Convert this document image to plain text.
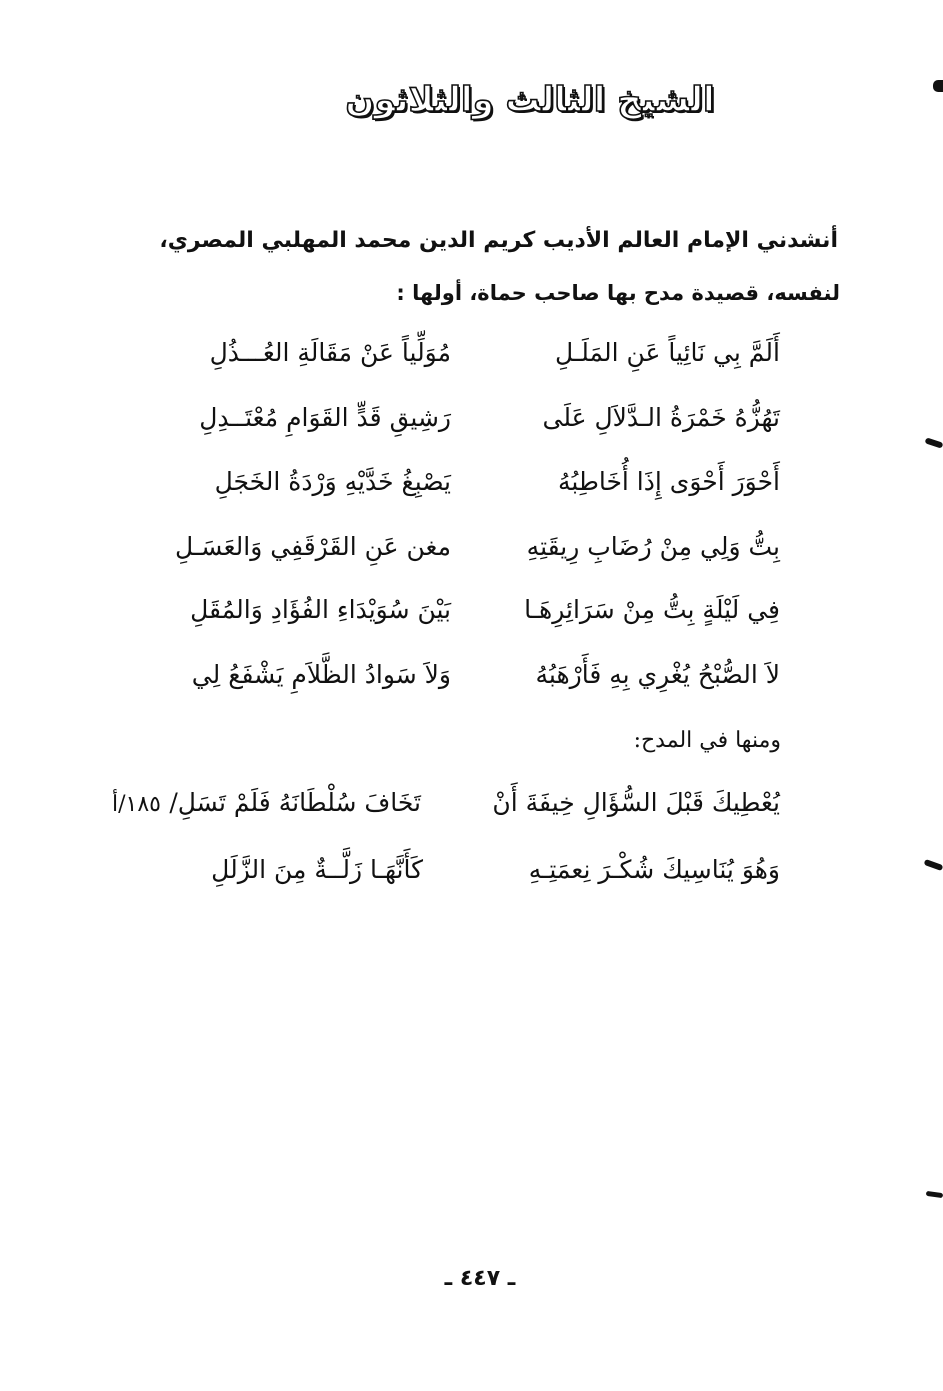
الشيخ الثالث والثلاثون
أنشدني الإمام العالم الأديب كريم الدين محمد المهلبي المصري،
لنفسه، قصيدة مدح بها صاحب حماة، أولها :
أَلَمَّ بِي نَائِياً عَنِ المَلَـلِ
مُوَلِّياً عَنْ مَقَالَةِ العُـــذُلِ
تَهُزُّهُ خَمْرَةُ الـدَّلاَلِ عَلَى
رَشِيقِ قَدٍّ القَوَامِ مُعْتَــدِلِ
أَحْوَرَ أَحْوَى إِذَا أُخَاطِبُهُ
يَصْبِغُ خَدَّيْهِ وَرْدَةُ الخَجَلِ
بِتُّ وَلِي مِنْ رُضَابِ رِيقَتِهِ
مغن عَنِ القَرْقَفِي وَالعَسَـلِ
فِي لَيْلَةٍ بِتُّ مِنْ سَرَائِرِهَـا
بَيْنَ سُوَيْدَاءِ الفُؤَادِ وَالمُقَلِ
لاَ الصُّبْحُ يُغْرِي بِهِ فَأَرْهَبُهُ
وَلاَ سَوادُ الظَّلاَمِ يَشْفَعُ لِي
ومنها في المدح:
يُعْطِيكَ قَبْلَ السُّؤَالِ خِيفَةَ أَنْ
تَخَافَ سُلْطَانَهُ فَلَمْ تَسَلِ/
١٨٥/أ
وَهُوَ يُنَاسِيكَ شُكْـرَ نِعمَتِـهِ
كَأَنَّهَـا زَلَّــةٌ مِنَ الزَّلَلِ
ـ ٤٤٧ ـ
